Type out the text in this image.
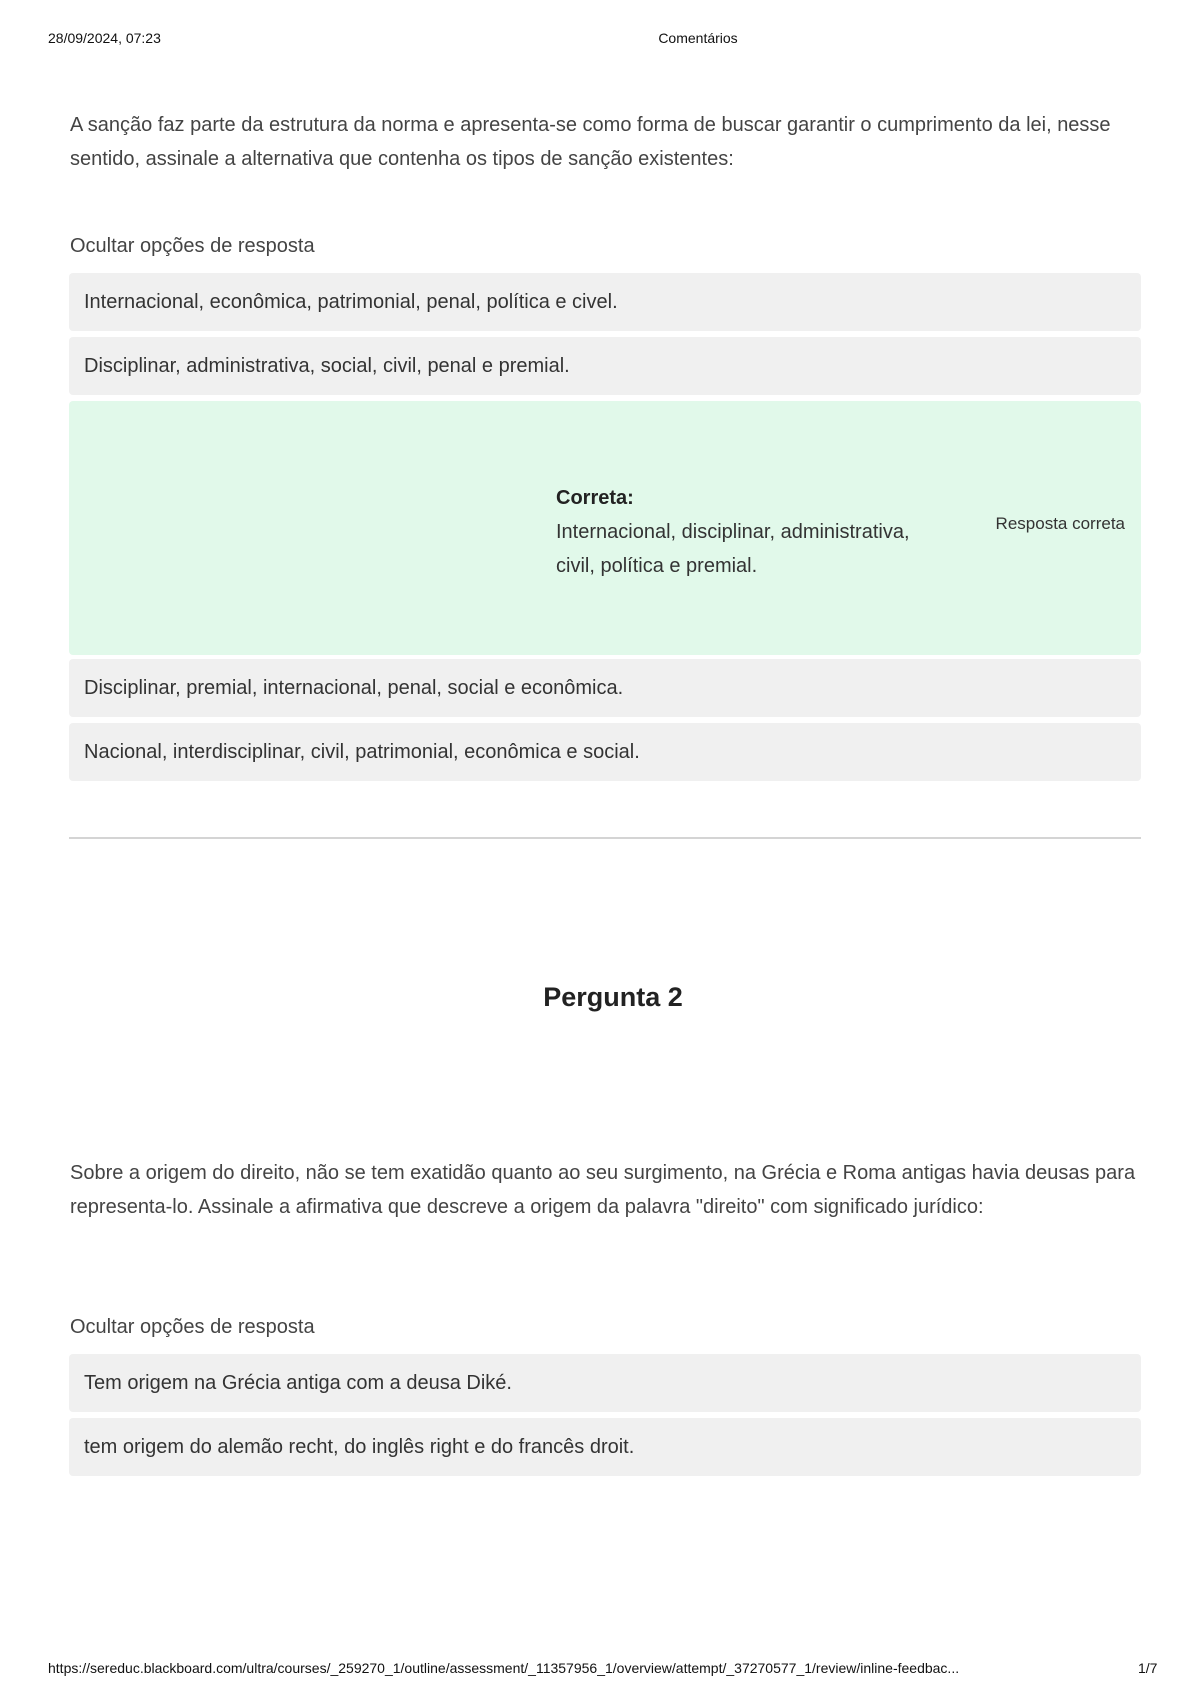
28/09/2024, 07:23	Comentários
A sanção faz parte da estrutura da norma e apresenta-se como forma de buscar garantir o cumprimento da lei, nesse sentido, assinale a alternativa que contenha os tipos de sanção existentes:
Ocultar opções de resposta
Internacional, econômica, patrimonial, penal, política e civel.
Disciplinar, administrativa, social, civil, penal e premial.
Correta:
Internacional, disciplinar, administrativa, civil, política e premial.
Resposta correta
Disciplinar, premial, internacional, penal, social e econômica.
Nacional, interdisciplinar, civil, patrimonial, econômica e social.
Pergunta 2
Sobre a origem do direito, não se tem exatidão quanto ao seu surgimento, na Grécia e Roma antigas havia deusas para representa-lo. Assinale a afirmativa que descreve a origem da palavra "direito" com significado jurídico:
Ocultar opções de resposta
Tem origem na Grécia antiga com a deusa Diké.
tem origem do alemão recht, do inglês right e do francês droit.
https://sereduc.blackboard.com/ultra/courses/_259270_1/outline/assessment/_11357956_1/overview/attempt/_37270577_1/review/inline-feedbac...	1/7
